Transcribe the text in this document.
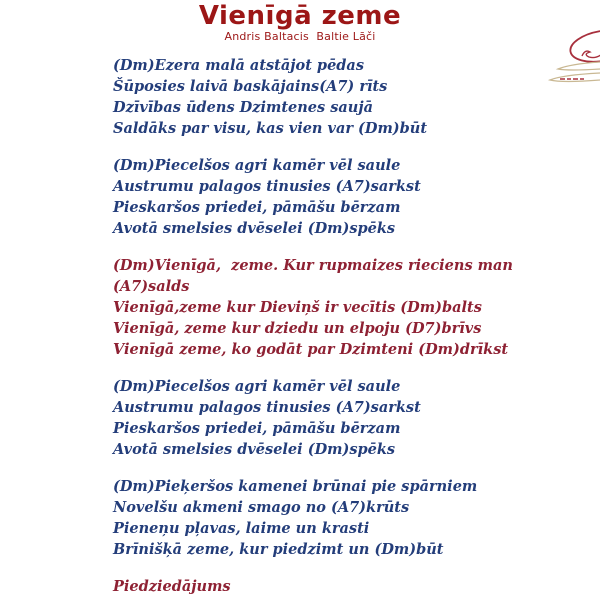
Vienīgā zeme
Andris Baltacis  Baltie Lāči

(Dm)Ezera malā atstājot pēdas

Šūposies laivā baskājains(A7) rīts

Dzīvības ūdens Dzimtenes saujā

Saldāks par visu, kas vien var (Dm)būt

(Dm)Piecelšos agri kamēr vēl saule

Austrumu palagos tinusies (A7)sarkst

Pieskaršos priedei, pāmāšu bērzam

Avotā smelsies dvēselei (Dm)spēks

(Dm)Vienīgā,  zeme. Kur rupmaizes rieciens man (A7)salds

Vienīgā,zeme kur Dieviņš ir vecītis (Dm)balts

Vienīgā, zeme kur dziedu un elpoju (D7)brīvs

Vienīgā zeme, ko godāt par Dzimteni (Dm)drīkst

(Dm)Piecelšos agri kamēr vēl saule

Austrumu palagos tinusies (A7)sarkst

Pieskaršos priedei, pāmāšu bērzam

Avotā smelsies dvēselei (Dm)spēks

(Dm)Pieķeršos kamenei brūnai pie spārniem

Novelšu akmeni smago no (A7)krūts

Pieneņu pļavas, laime un krasti

Brīnišķā zeme, kur piedzimt un (Dm)būt

Piedziedājums
